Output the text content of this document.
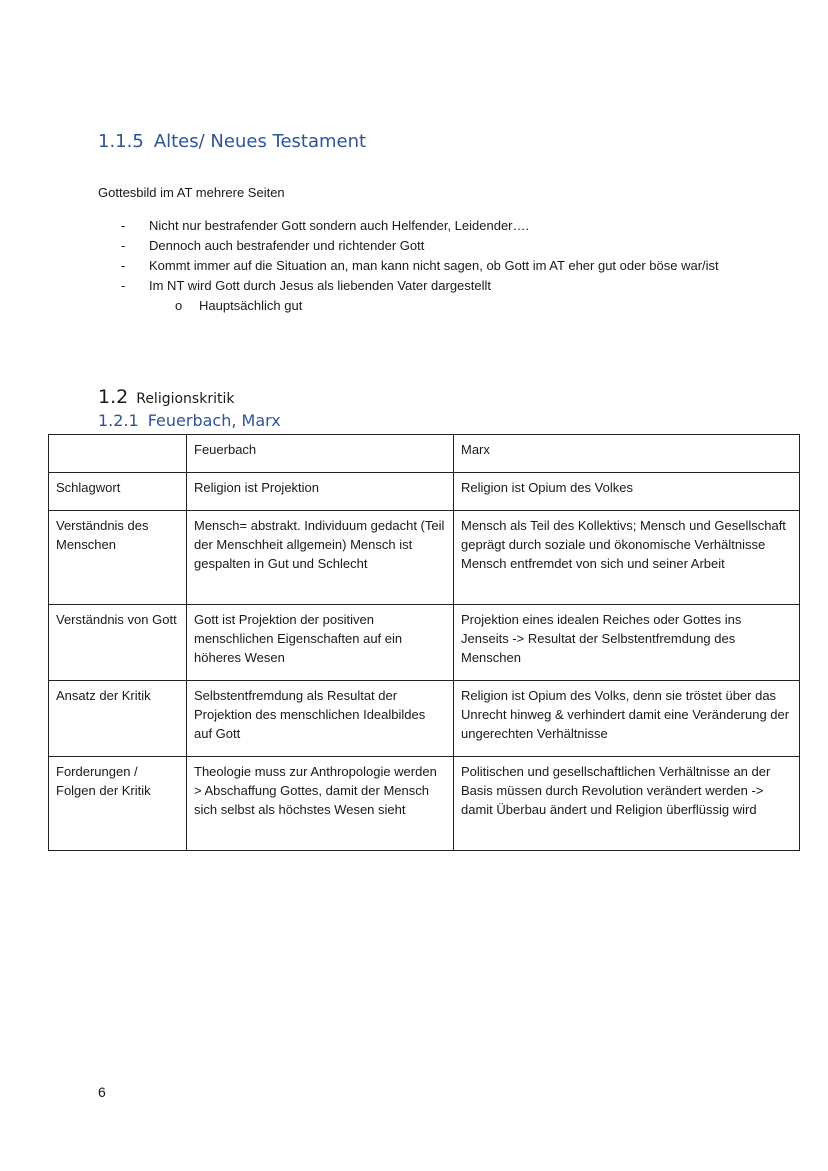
1.1.5 Altes/ Neues Testament
Gottesbild im AT mehrere Seiten
- Nicht nur bestrafender Gott sondern auch Helfender, Leidender….
- Dennoch auch bestrafender und richtender Gott
- Kommt immer auf die Situation an, man kann nicht sagen, ob Gott im AT eher gut oder böse war/ist
- Im NT wird Gott durch Jesus als liebenden Vater dargestellt
o Hauptsächlich gut
1.2 Religionskritik
1.2.1 Feuerbach, Marx
	Feuerbach	Marx
Schlagwort	Religion ist Projektion	Religion ist Opium des Volkes
Verständnis des Menschen	Mensch= abstrakt. Individuum gedacht (Teil der Menschheit allgemein) Mensch ist gespalten in Gut und Schlecht	Mensch als Teil des Kollektivs; Mensch und Gesellschaft geprägt durch soziale und ökonomische Verhältnisse Mensch entfremdet von sich und seiner Arbeit
Verständnis von Gott	Gott ist Projektion der positiven menschlichen Eigenschaften auf ein höheres Wesen	Projektion eines idealen Reiches oder Gottes ins Jenseits -> Resultat der Selbstentfremdung des Menschen
Ansatz der Kritik	Selbstentfremdung als Resultat der Projektion des menschlichen Idealbildes auf Gott	Religion ist Opium des Volks, denn sie tröstet über das Unrecht hinweg & verhindert damit eine Veränderung der ungerechten Verhältnisse
Forderungen / Folgen der Kritik	Theologie muss zur Anthropologie werden > Abschaffung Gottes, damit der Mensch sich selbst als höchstes Wesen sieht	Politischen und gesellschaftlichen Verhältnisse an der Basis müssen durch Revolution verändert werden -> damit Überbau ändert und Religion überflüssig wird
6
